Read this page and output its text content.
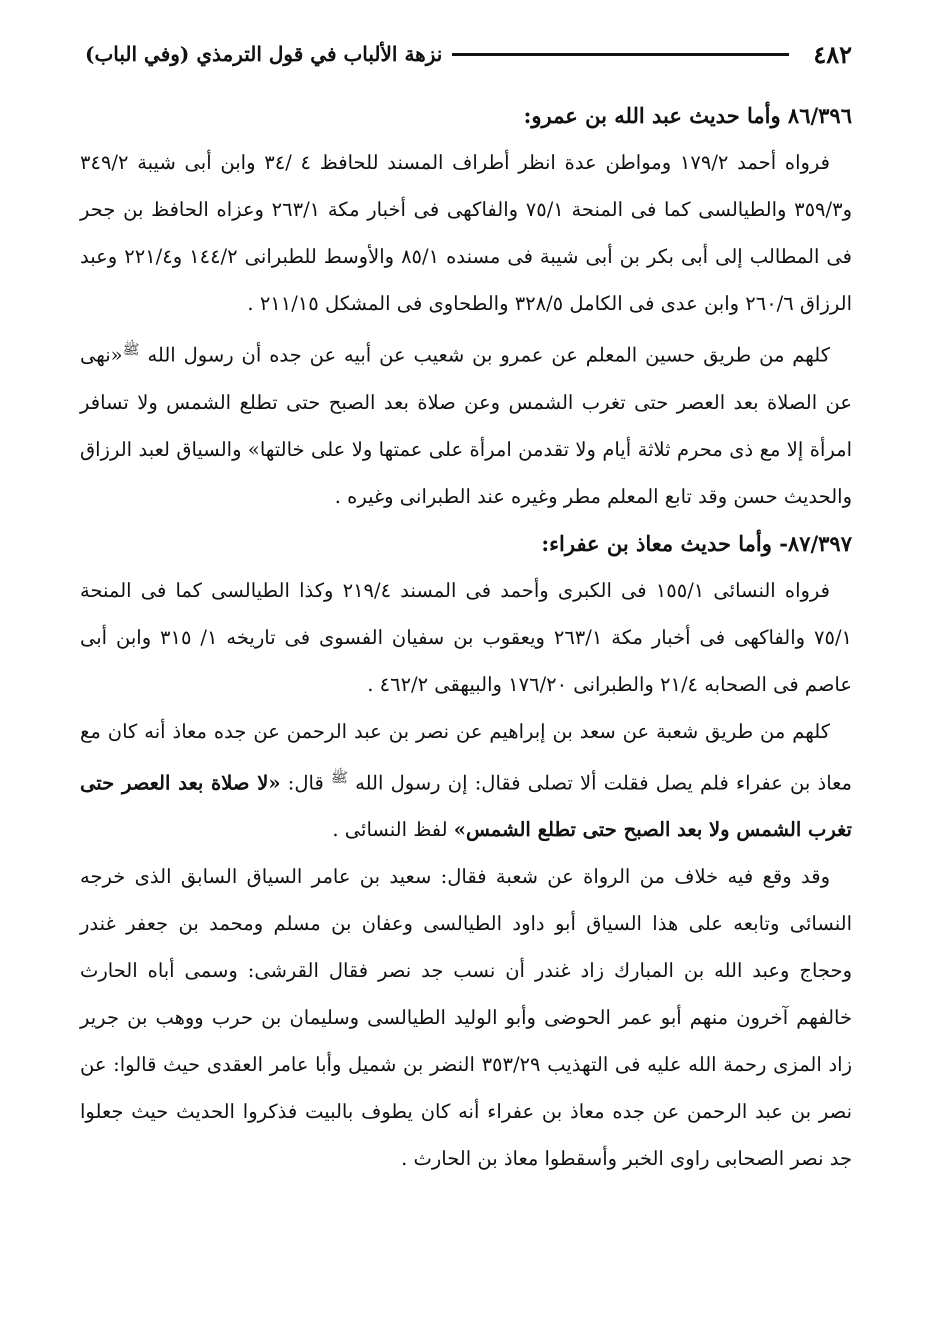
٤٨٢
نزهة الألباب في قول الترمذي (وفي الباب)

٨٦/٣٩٦ وأما حديث عبد الله بن عمرو:

فرواه أحمد ١٧٩/٢ ومواطن عدة انظر أطراف المسند للحافظ ٤ /٣٤ وابن أبى شيبة ٣٤٩/٢ و٣٥٩/٣ والطيالسى كما فى المنحة ٧٥/١ والفاكهى فى أخبار مكة ٢٦٣/١ وعزاه الحافظ بن جحر فى المطالب إلى أبى بكر بن أبى شيبة فى مسنده ٨٥/١ والأوسط للطبرانى ١٤٤/٢ و٢٢١/٤ وعبد الرزاق ٢٦٠/٦ وابن عدى فى الكامل ٣٢٨/٥ والطحاوى فى المشكل ٢١١/١٥ .

كلهم من طريق حسين المعلم عن عمرو بن شعيب عن أبيه عن جده أن رسول الله $^ﷺ$«نهى عن الصلاة بعد العصر حتى تغرب الشمس وعن صلاة بعد الصبح حتى تطلع الشمس ولا تسافر امرأة إلا مع ذى محرم ثلاثة أيام ولا تقدمن امرأة على عمتها ولا على خالتها» والسياق لعبد الرزاق والحديث حسن وقد تابع المعلم مطر وغيره عند الطبرانى وغيره .

٨٧/٣٩٧- وأما حديث معاذ بن عفراء:

فرواه النسائى ١٥٥/١ فى الكبرى وأحمد فى المسند ٢١٩/٤ وكذا الطيالسى كما فى المنحة ٧٥/١ والفاكهى فى أخبار مكة ٢٦٣/١ ويعقوب بن سفيان الفسوى فى تاريخه ١/ ٣١٥ وابن أبى عاصم فى الصحابه ٢١/٤ والطبرانى ١٧٦/٢٠ والبيهقى ٤٦٢/٢ .

كلهم من طريق شعبة عن سعد بن إبراهيم عن نصر بن عبد الرحمن عن جده معاذ أنه كان مع معاذ بن عفراء فلم يصل فقلت ألا تصلى فقال: إن رسول الله $^ﷺ$ قال: «لا صلاة بعد العصر حتى تغرب الشمس ولا بعد الصبح حتى تطلع الشمس» لفظ النسائى .

وقد وقع فيه خلاف من الرواة عن شعبة فقال: سعيد بن عامر السياق السابق الذى خرجه النسائى وتابعه على هذا السياق أبو داود الطيالسى وعفان بن مسلم ومحمد بن جعفر غندر وحجاج وعبد الله بن المبارك زاد غندر أن نسب جد نصر فقال القرشى: وسمى أباه الحارث خالفهم آخرون منهم أبو عمر الحوضى وأبو الوليد الطيالسى وسليمان بن حرب ووهب بن جرير زاد المزى رحمة الله عليه فى التهذيب ٣٥٣/٢٩ النضر بن شميل وأبا عامر العقدى حيث قالوا: عن نصر بن عبد الرحمن عن جده معاذ بن عفراء أنه كان يطوف بالبيت فذكروا الحديث حيث جعلوا جد نصر الصحابى راوى الخبر وأسقطوا معاذ بن الحارث .
